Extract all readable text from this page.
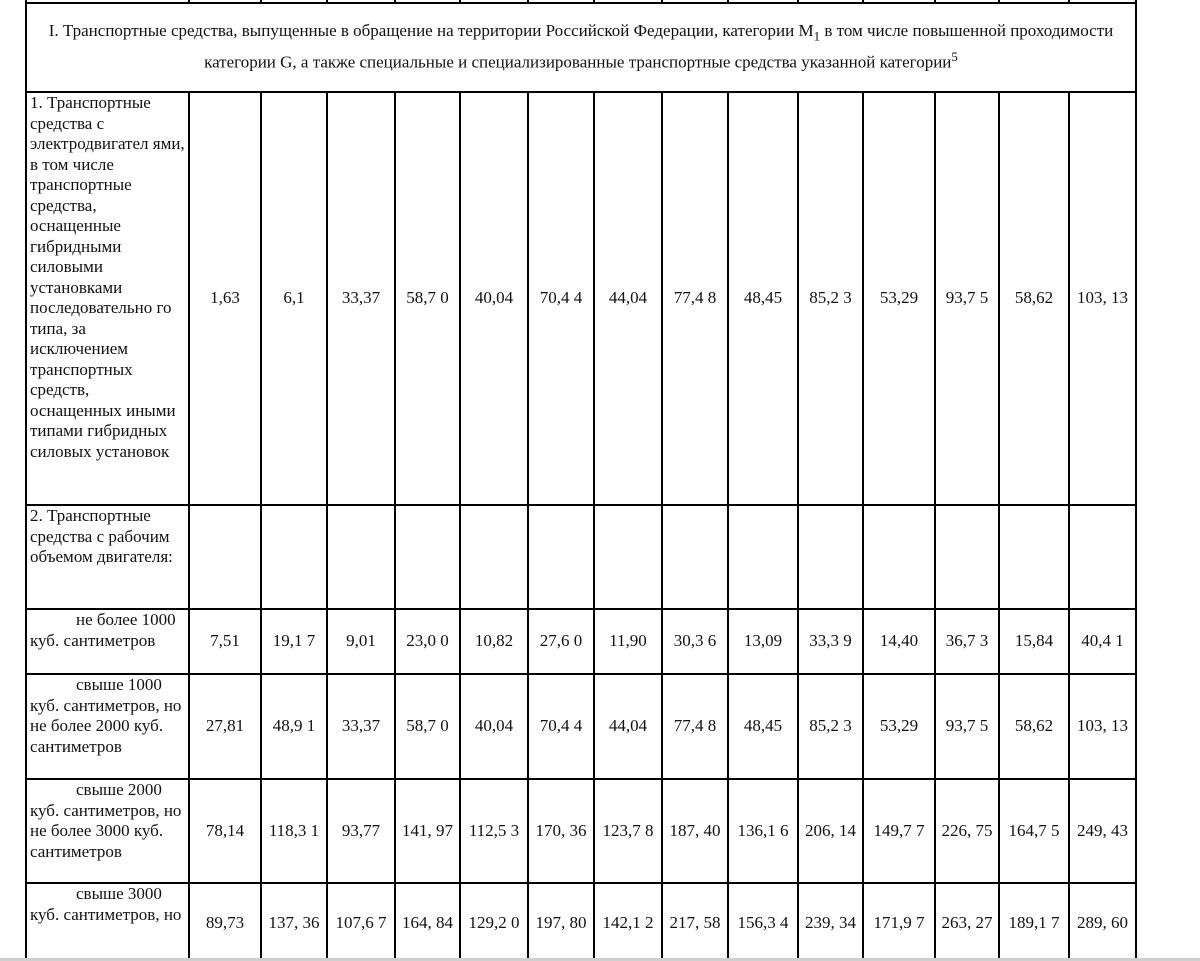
I. Транспортные средства, выпущенные в обращение на территории Российской Федерации, категории $M_1$ в том числе повышенной проходимости категории G, а также специальные и специализированные транспортные средства указанной категории$^5$
1. Транспортные средства с электродвигател ями, в том числе транспортные средства, оснащенные гибридными силовыми установками последовательно го типа, за исключением транспортных средств, оснащенных иными типами гибридных силовых установок	1,63	6,1	33,37	58,7 0	40,04	70,4 4	44,04	77,4 8	48,45	85,2 3	53,29	93,7 5	58,62	103, 13
2. Транспортные средства с рабочим объемом двигателя:														
не более 1000 куб. сантиметров	7,51	19,1 7	9,01	23,0 0	10,82	27,6 0	11,90	30,3 6	13,09	33,3 9	14,40	36,7 3	15,84	40,4 1
свыше 1000 куб. сантиметров, но не более 2000 куб. сантиметров	27,81	48,9 1	33,37	58,7 0	40,04	70,4 4	44,04	77,4 8	48,45	85,2 3	53,29	93,7 5	58,62	103, 13
свыше 2000 куб. сантиметров, но не более 3000 куб. сантиметров	78,14	118,3 1	93,77	141, 97	112,5 3	170, 36	123,7 8	187, 40	136,1 6	206, 14	149,7 7	226, 75	164,7 5	249, 43
свыше 3000 куб. сантиметров, но	89,73	137, 36	107,6 7	164, 84	129,2 0	197, 80	142,1 2	217, 58	156,3 4	239, 34	171,9 7	263, 27	189,1 7	289, 60
